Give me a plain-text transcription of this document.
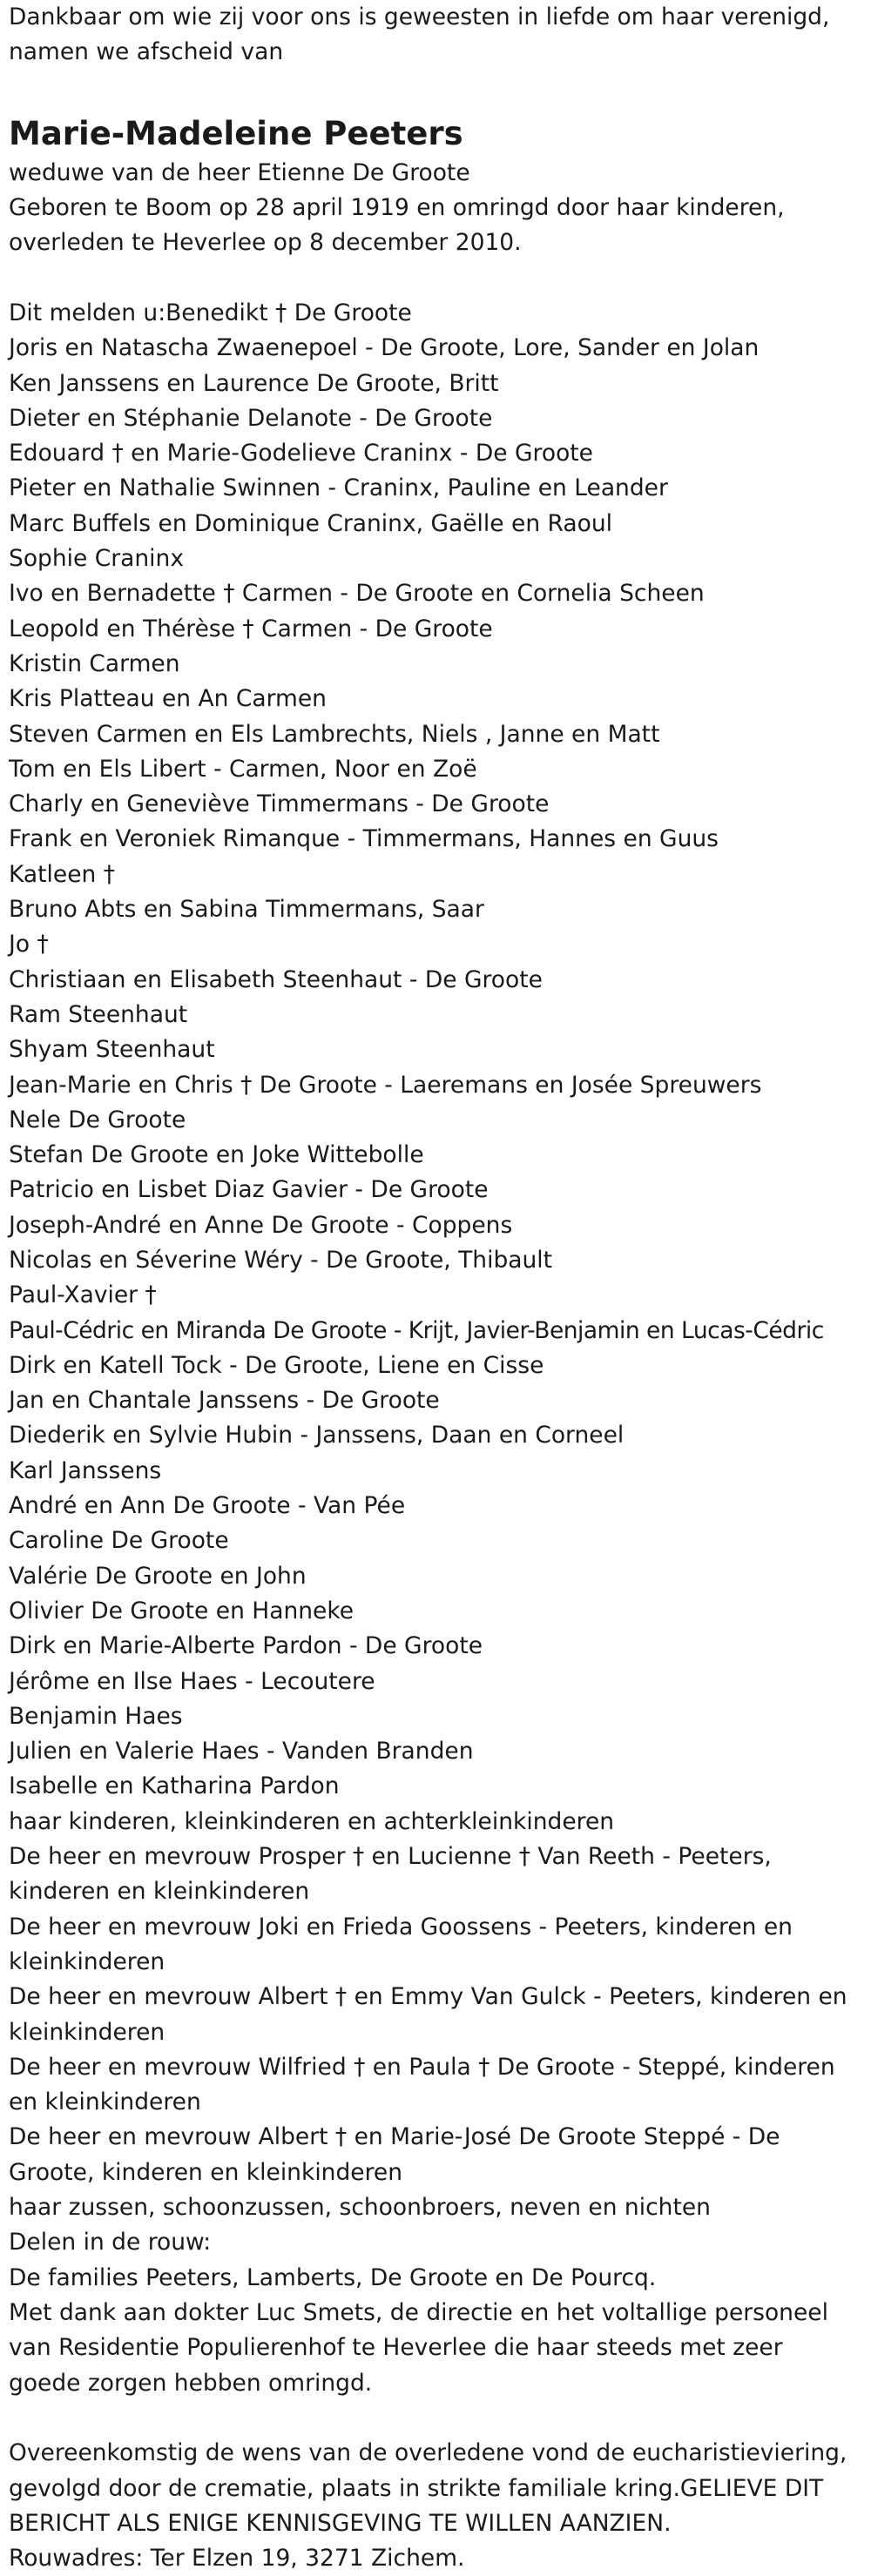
Dankbaar om wie zij voor ons is geweesten in liefde om haar verenigd,
namen we afscheid van
Marie-Madeleine Peeters
weduwe van de heer Etienne De Groote
Geboren te Boom op 28 april 1919 en omringd door haar kinderen,
overleden te Heverlee op 8 december 2010.
Dit melden u:Benedikt † De Groote
Joris en Natascha Zwaenepoel - De Groote, Lore, Sander en Jolan
Ken Janssens en Laurence De Groote, Britt
Dieter en Stéphanie Delanote - De Groote
Edouard † en Marie-Godelieve Craninx - De Groote
Pieter en Nathalie Swinnen - Craninx, Pauline en Leander
Marc Buffels en Dominique Craninx, Gaëlle en Raoul
Sophie Craninx
Ivo en Bernadette † Carmen - De Groote en Cornelia Scheen
Leopold en Thérèse † Carmen - De Groote
Kristin Carmen
Kris Platteau en An Carmen
Steven Carmen en Els Lambrechts, Niels , Janne en Matt
Tom en Els Libert - Carmen, Noor en Zoë
Charly en Geneviève Timmermans - De Groote
Frank en Veroniek Rimanque - Timmermans, Hannes en Guus
Katleen †
Bruno Abts en Sabina Timmermans, Saar
Jo †
Christiaan en Elisabeth Steenhaut - De Groote
Ram Steenhaut
Shyam Steenhaut
Jean-Marie en Chris † De Groote - Laeremans en Josée Spreuwers
Nele De Groote
Stefan De Groote en Joke Wittebolle
Patricio en Lisbet Diaz Gavier - De Groote
Joseph-André en Anne De Groote - Coppens
Nicolas en Séverine Wéry - De Groote, Thibault
Paul-Xavier †
Paul-Cédric en Miranda De Groote - Krijt, Javier-Benjamin en Lucas-Cédric
Dirk en Katell Tock - De Groote, Liene en Cisse
Jan en Chantale Janssens - De Groote
Diederik en Sylvie Hubin - Janssens, Daan en Corneel
Karl Janssens
André en Ann De Groote - Van Pée
Caroline De Groote
Valérie De Groote en John
Olivier De Groote en Hanneke
Dirk en Marie-Alberte Pardon - De Groote
Jérôme en Ilse Haes - Lecoutere
Benjamin Haes
Julien en Valerie Haes - Vanden Branden
Isabelle en Katharina Pardon
haar kinderen, kleinkinderen en achterkleinkinderen
De heer en mevrouw Prosper † en Lucienne † Van Reeth - Peeters,
kinderen en kleinkinderen
De heer en mevrouw Joki en Frieda Goossens - Peeters, kinderen en
kleinkinderen
De heer en mevrouw Albert † en Emmy Van Gulck - Peeters, kinderen en
kleinkinderen
De heer en mevrouw Wilfried † en Paula † De Groote - Steppé, kinderen
en kleinkinderen
De heer en mevrouw Albert † en Marie-José De Groote Steppé - De
Groote, kinderen en kleinkinderen
haar zussen, schoonzussen, schoonbroers, neven en nichten
Delen in de rouw:
De families Peeters, Lamberts, De Groote en De Pourcq.
Met dank aan dokter Luc Smets, de directie en het voltallige personeel
van Residentie Populierenhof te Heverlee die haar steeds met zeer
goede zorgen hebben omringd.
Overeenkomstig de wens van de overledene vond de eucharistieviering,
gevolgd door de crematie, plaats in strikte familiale kring.GELIEVE DIT
BERICHT ALS ENIGE KENNISGEVING TE WILLEN AANZIEN.
Rouwadres: Ter Elzen 19, 3271 Zichem.
